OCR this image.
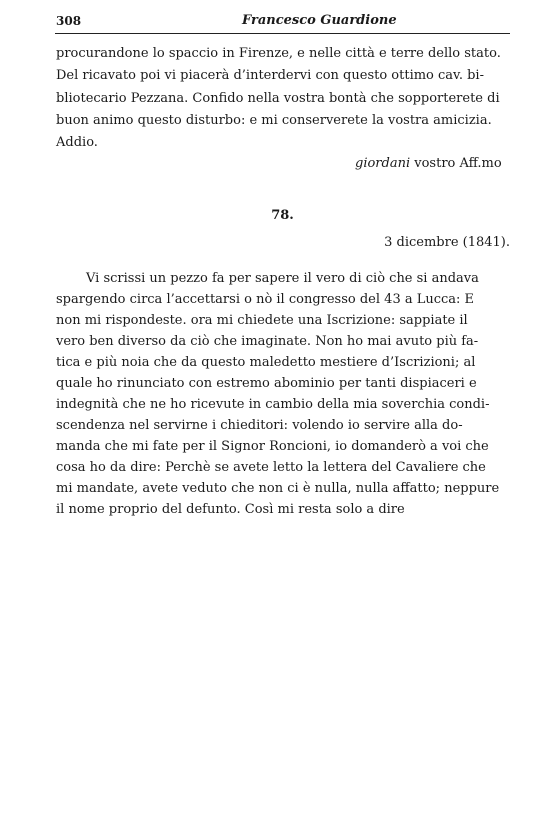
308	Francesco Guardione
procurandone lo spaccio in Firenze, e nelle città e terre dello stato.
Del ricavato poi vi piacerà d’interdervi con questo ottimo cav. bi-
bliotecario Pezzana. Confido nella vostra bontà che sopporterete di
buon animo questo disturbo: e mi conserverete la vostra amicizia.
Addio.
giordani vostro Aff.mo
78.
3 dicembre (1841).
Vi scrissi un pezzo fa per sapere il vero di ciò che si andava
spargendo circa l’accettarsi o nò il congresso del 43 a Lucca: E
non mi rispondeste. ora mi chiedete una Iscrizione: sappiate il
vero ben diverso da ciò che imaginate. Non ho mai avuto più fa-
tica e più noia che da questo maledetto mestiere d’Iscrizioni; al
quale ho rinunciato con estremo abominio per tanti dispiaceri e
indegnità che ne ho ricevute in cambio della mia soverchia condi-
scendenza nel servirne i chieditori: volendo io servire alla do-
manda che mi fate per il Signor Roncioni, io domanderò a voi che
cosa ho da dire: Perchè se avete letto la lettera del Cavaliere che
mi mandate, avete veduto che non ci è nulla, nulla affatto; neppure
il nome proprio del defunto. Così mi resta solo a dire
